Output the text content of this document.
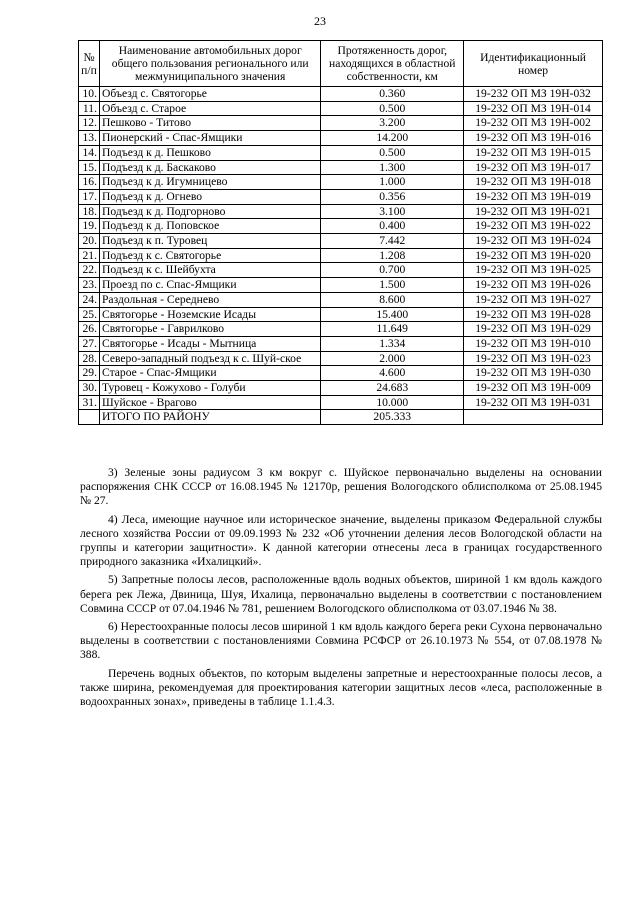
23
№ п/п	Наименование автомобильных дорог общего пользования регионального или межмуниципального значения	Протяженность дорог, находящихся в областной собственности, км	Идентификационный номер
10.	Объезд с. Святогорье	0.360	19-232 ОП МЗ 19Н-032
11.	Объезд с. Старое	0.500	19-232 ОП МЗ 19Н-014
12.	Пешково - Титово	3.200	19-232 ОП МЗ 19Н-002
13.	Пионерский - Спас-Ямщики	14.200	19-232 ОП МЗ 19Н-016
14.	Подъезд к д. Пешково	0.500	19-232 ОП МЗ 19Н-015
15.	Подъезд к д. Баскаково	1.300	19-232 ОП МЗ 19Н-017
16.	Подъезд к д. Игумницево	1.000	19-232 ОП МЗ 19Н-018
17.	Подъезд к д. Огнево	0.356	19-232 ОП МЗ 19Н-019
18.	Подъезд к д. Подгорново	3.100	19-232 ОП МЗ 19Н-021
19.	Подъезд к д. Поповское	0.400	19-232 ОП МЗ 19Н-022
20.	Подъезд к п. Туровец	7.442	19-232 ОП МЗ 19Н-024
21.	Подъезд к с. Святогорье	1.208	19-232 ОП МЗ 19Н-020
22.	Подъезд к с. Шейбухта	0.700	19-232 ОП МЗ 19Н-025
23.	Проезд по с. Спас-Ямщики	1.500	19-232 ОП МЗ 19Н-026
24.	Раздольная - Середнево	8.600	19-232 ОП МЗ 19Н-027
25.	Святогорье - Ноземские Исады	15.400	19-232 ОП МЗ 19Н-028
26.	Святогорье - Гаврилково	11.649	19-232 ОП МЗ 19Н-029
27.	Святогорье - Исады - Мытница	1.334	19-232 ОП МЗ 19Н-010
28.	Северо-западный подъезд к с. Шуй-ское	2.000	19-232 ОП МЗ 19Н-023
29.	Старое - Спас-Ямщики	4.600	19-232 ОП МЗ 19Н-030
30.	Туровец - Кожухово - Голуби	24.683	19-232 ОП МЗ 19Н-009
31.	Шуйское - Врагово	10.000	19-232 ОП МЗ 19Н-031
	ИТОГО ПО РАЙОНУ	205.333	

3) Зеленые зоны радиусом 3 км вокруг с. Шуйское первоначально выделены на основании распоряжения СНК СССР от 16.08.1945 № 12170р, решения Вологодского облисполкома от 25.08.1945 № 27.

4) Леса, имеющие научное или историческое значение, выделены приказом Федеральной службы лесного хозяйства России от 09.09.1993 № 232 «Об уточнении деления лесов Вологодской области на группы и категории защитности». К данной категории отнесены леса в границах государственного природного заказника «Ихалицкий».

5) Запретные полосы лесов, расположенные вдоль водных объектов, шириной 1 км вдоль каждого берега рек Лежа, Двиница, Шуя, Ихалица, первоначально выделены в соответствии с постановлением Совмина СССР от 07.04.1946 № 781, решением Вологодского облисполкома от 03.07.1946 № 38.

6) Нерестоохранные полосы лесов шириной 1 км вдоль каждого берега реки Сухона первоначально выделены в соответствии с постановлениями Совмина РСФСР от 26.10.1973 № 554, от 07.08.1978 № 388.

Перечень водных объектов, по которым выделены запретные и нерестоохранные полосы лесов, а также ширина, рекомендуемая для проектирования категории защитных лесов «леса, расположенные в водоохранных зонах», приведены в таблице 1.1.4.3.
